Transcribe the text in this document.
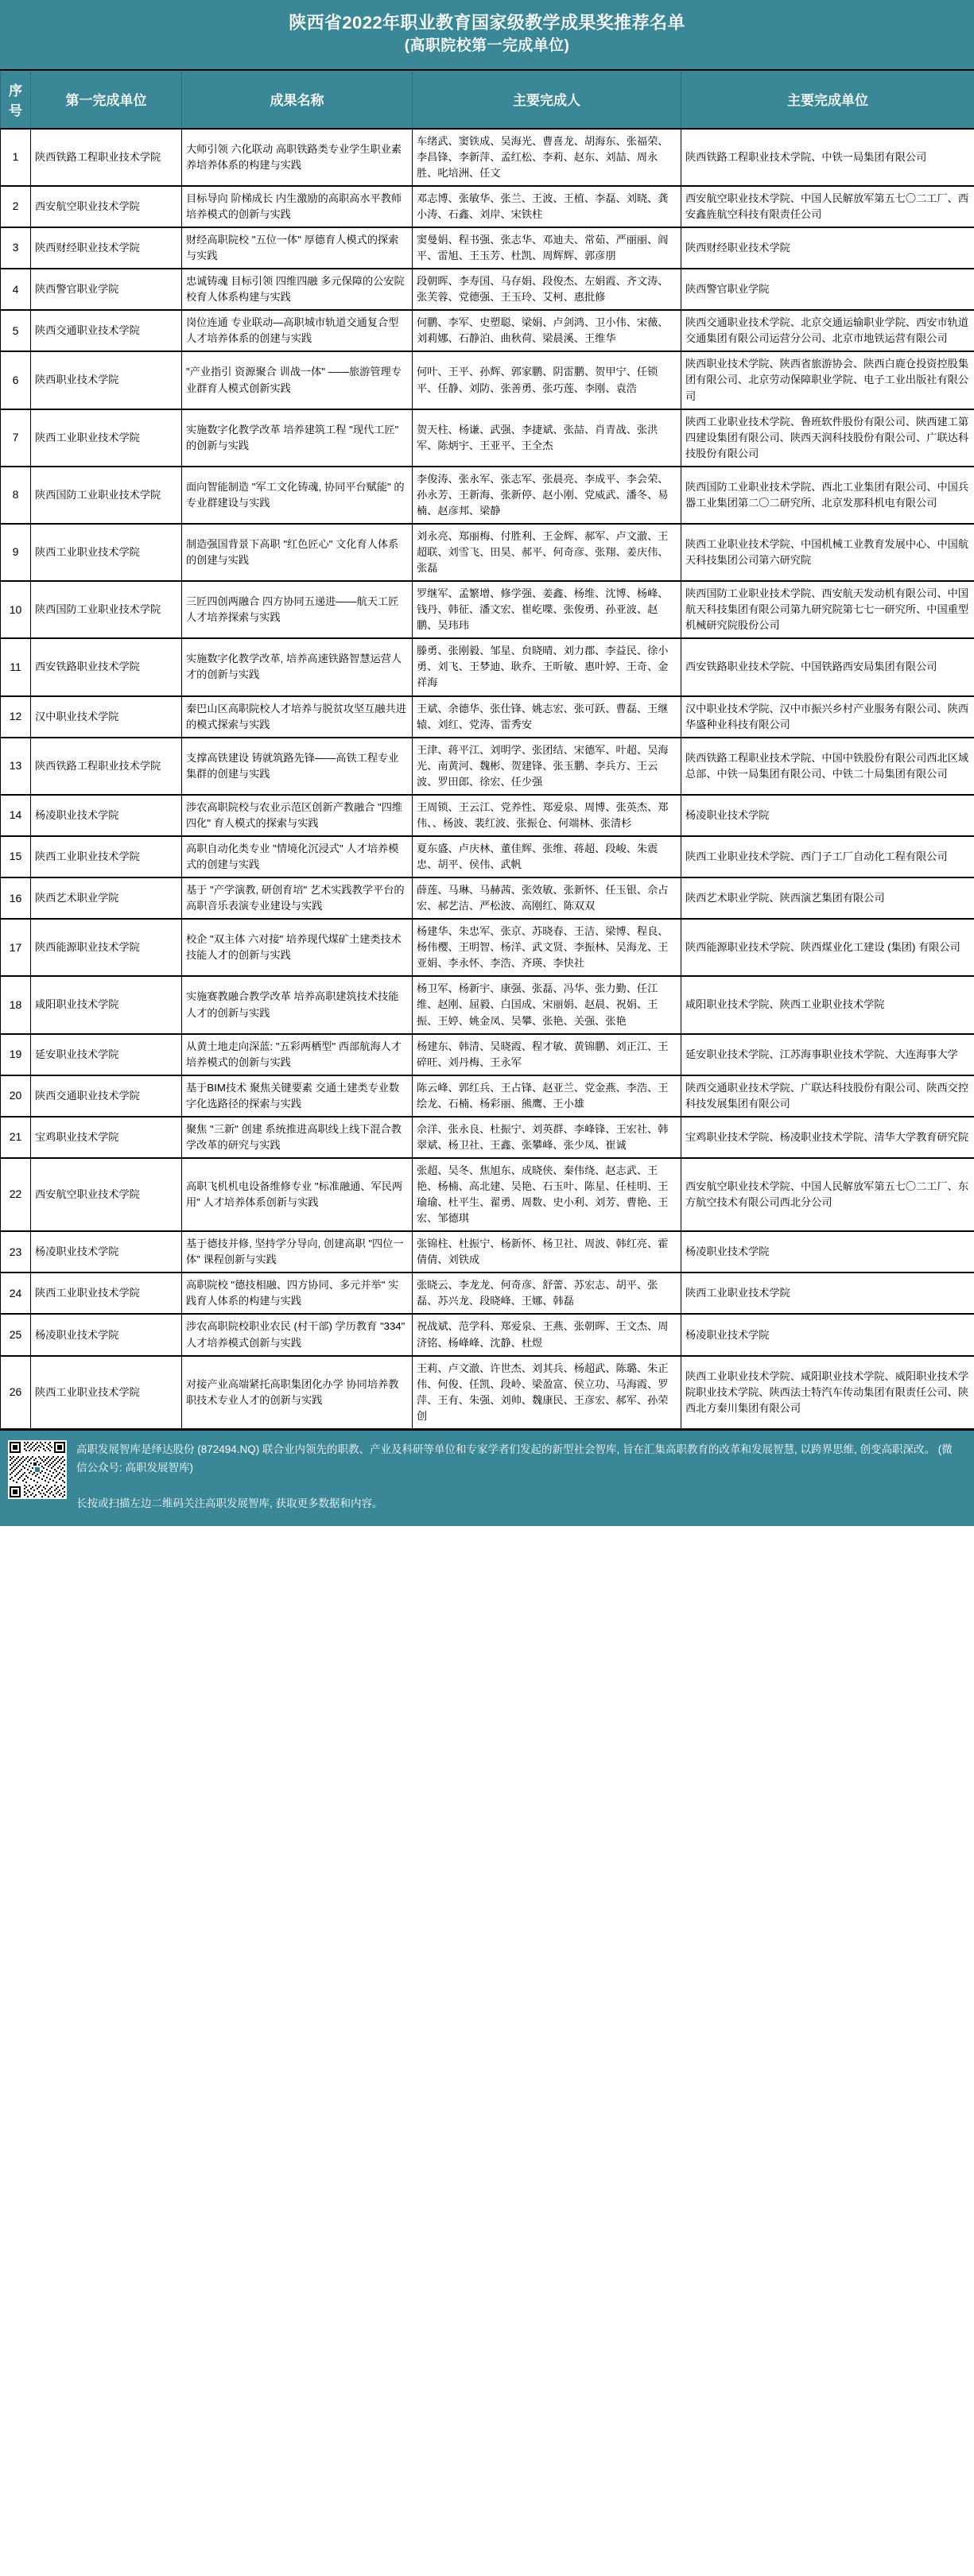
陕西省2022年职业教育国家级教学成果奖推荐名单
(高职院校第一完成单位)
序号	第一完成单位	成果名称	主要完成人	主要完成单位
1	陕西铁路工程职业技术学院	大师引领 六化联动 高职铁路类专业学生职业素养培养体系的构建与实践	车绪武、窦铁成、吴海光、曹喜龙、胡海东、张福荣、李昌锋、李新萍、孟红松、李莉、赵东、刘喆、周永胜、叱培洲、任文	陕西铁路工程职业技术学院、中铁一局集团有限公司
2	西安航空职业技术学院	目标导向 阶梯成长 内生激励的高职高水平教师培养模式的创新与实践	邓志博、张敏华、张兰、王波、王植、李磊、刘晓、龚小涛、石鑫、刘岸、宋铁柱	西安航空职业技术学院、中国人民解放军第五七〇二工厂、西安鑫旌航空科技有限责任公司
3	陕西财经职业技术学院	财经高职院校 "五位一体" 厚德育人模式的探索与实践	窦曼娟、程书强、张志华、邓迪夫、常茹、严丽丽、阎平、雷旭、王玉芳、杜凯、周辉辉、郭彦朋	陕西财经职业技术学院
4	陕西警官职业学院	忠诚铸魂 目标引领 四维四融 多元保障的公安院校育人体系构建与实践	段朝晖、李寿国、马存娟、段俊杰、左娟霞、齐文涛、张芙蓉、党德强、王玉玲、艾柯、惠批修	陕西警官职业学院
5	陕西交通职业技术学院	岗位连通 专业联动—高职城市轨道交通复合型人才培养体系的创建与实践	何鹏、李军、史塑聪、梁娟、卢剑鸿、卫小伟、宋薇、刘莉娜、石静泊、曲秋荷、梁晨溪、王维华	陕西交通职业技术学院、北京交通运输职业学院、西安市轨道交通集团有限公司运营分公司、北京市地铁运营有限公司
6	陕西职业技术学院	"产业指引 资源聚合 训战一体" ——旅游管理专业群育人模式创新实践	何叶、王平、孙辉、郭家鹏、阴雷鹏、贺甲宁、任锁平、任静、刘防、张善勇、张巧莲、李刚、袁浩	陕西职业技术学院、陕西省旅游协会、陕西白鹿仓投资控股集团有限公司、北京劳动保障职业学院、电子工业出版社有限公司
7	陕西工业职业技术学院	实施数字化教学改革 培养建筑工程 "现代工匠" 的创新与实践	贺天柱、杨谦、武强、李捷斌、张喆、肖青战、张洪军、陈炳宇、王亚平、王全杰	陕西工业职业技术学院、鲁班软件股份有限公司、陕西建工第四建设集团有限公司、陕西天润科技股份有限公司、广联达科技股份有限公司
8	陕西国防工业职业技术学院	面向智能制造 "军工文化铸魂, 协同平台赋能" 的专业群建设与实践	李俊涛、张永军、张志军、张晨亮、李成平、李会荣、孙永芳、王新海、张新停、赵小刚、党威武、潘冬、易楠、赵彦邦、梁静	陕西国防工业职业技术学院、西北工业集团有限公司、中国兵器工业集团第二〇二研究所、北京发那科机电有限公司
9	陕西工业职业技术学院	制造强国背景下高职 "红色匠心" 文化育人体系的创建与实践	刘永亮、郑丽梅、付胜利、王金辉、郝军、卢文澈、王超联、刘雪飞、田昊、郝平、何奇彦、张翔、姜庆伟、张磊	陕西工业职业技术学院、中国机械工业教育发展中心、中国航天科技集团公司第六研究院
10	陕西国防工业职业技术学院	三匠四创两融合 四方协同五递进——航天工匠人才培养探索与实践	罗继军、孟繁增、修学强、姜鑫、杨维、沈博、杨峰、钱丹、韩征、潘文宏、崔屹喋、张俊勇、孙亚波、赵鹏、吴玮玮	陕西国防工业职业技术学院、西安航天发动机有限公司、中国航天科技集团有限公司第九研究院第七七一研究所、中国重型机械研究院股份公司
11	西安铁路职业技术学院	实施数字化教学改革, 培养高速铁路智慧运营人才的创新与实践	滕勇、张刚毅、邹星、贠晓晴、刘力郡、李益民、徐小勇、刘飞、王梦迪、耿乔、王昕敏、惠叶婷、王奇、金祥海	西安铁路职业技术学院、中国铁路西安局集团有限公司
12	汉中职业技术学院	秦巴山区高职院校人才培养与脱贫攻坚互融共进的模式探索与实践	王斌、余德华、张仕锋、姚志宏、张可跃、曹磊、王继辕、刘红、党涛、雷秀安	汉中职业技术学院、汉中市振兴乡村产业服务有限公司、陕西华盛种业科技有限公司
13	陕西铁路工程职业技术学院	支撑高铁建设 铸就筑路先锋——高铁工程专业集群的创建与实践	王津、蒋平江、刘明学、张团结、宋德军、叶超、吴海光、南黄河、魏彬、贺建锋、张玉鹏、李兵方、王云波、罗田郎、徐宏、任少强	陕西铁路工程职业技术学院、中国中铁股份有限公司西北区域总部、中铁一局集团有限公司、中铁二十局集团有限公司
14	杨凌职业技术学院	涉农高职院校与农业示范区创新产教融合 "四维四化" 育人模式的探索与实践	王周锁、王云江、党养性、郑爱泉、周博、张英杰、郑伟、、杨波、裴红波、张振仓、何端林、张清杉	杨凌职业技术学院
15	陕西工业职业技术学院	高职自动化类专业 "情境化沉浸式" 人才培养模式的创建与实践	夏东盛、卢庆林、董佳辉、张维、蒋超、段峻、朱震忠、胡平、侯伟、武帆	陕西工业职业技术学院、西门子工厂自动化工程有限公司
16	陕西艺术职业学院	基于 "产学演教, 研创育培" 艺术实践教学平台的高职音乐表演专业建设与实践	薛莲、马琳、马赫茜、张效敏、张新怀、任玉银、佘占宏、郝艺洁、严松波、高刚红、陈双双	陕西艺术职业学院、陕西演艺集团有限公司
17	陕西能源职业技术学院	校企 "双主体 六对接" 培养现代煤矿土建类技术技能人才的创新与实践	杨建华、朱忠军、张京、苏晓春、王洁、梁博、程良、杨伟樱、王明智、杨洋、武文贤、李振林、吴海龙、王亚娟、李永怀、李浩、齐瑛、李快社	陕西能源职业技术学院、陕西煤业化工建设 (集团) 有限公司
18	咸阳职业技术学院	实施赛教融合教学改革 培养高职建筑技术技能人才的创新与实践	杨卫军、杨新宇、康强、张磊、冯华、张力勤、任江维、赵刚、屈毅、白国成、宋丽娟、赵晨、祝娟、王振、王婷、姚金凤、吴攀、张艳、关强、张艳	咸阳职业技术学院、陕西工业职业技术学院
19	延安职业技术学院	从黄土地走向深蓝: "五彩两栖型" 西部航海人才培养模式的创新与实践	杨建东、韩清、吴晓霞、程才敏、黄锦鹏、刘正江、王碎旺、刘丹梅、王永军	延安职业技术学院、江苏海事职业技术学院、大连海事大学
20	陕西交通职业技术学院	基于BIM技术 聚焦关键要素 交通土建类专业数字化选路径的探索与实践	陈云峰、郭红兵、王占锋、赵亚兰、党金燕、李浩、王绘龙、石楠、杨彩丽、熊鹰、王小雄	陕西交通职业技术学院、广联达科技股份有限公司、陕西交控科技发展集团有限公司
21	宝鸡职业技术学院	聚焦 "三新" 创建 系统推进高职线上线下混合教学改革的研究与实践	佘洋、张永良、杜振宁、刘英群、李峰锋、王宏社、韩翠斌、杨卫社、王鑫、张攀峰、张少凤、崔诚	宝鸡职业技术学院、杨凌职业技术学院、清华大学教育研究院
22	西安航空职业技术学院	高职飞机机电设备维修专业 "标准融通、军民两用" 人才培养体系创新与实践	张超、吴冬、焦旭东、成晓侠、秦伟绕、赵志武、王艳、杨楠、高北建、吴艳、石玉叶、陈星、任桂明、王瑜瑜、杜平生、翟勇、周数、史小利、刘芳、曹艳、王宏、邹德琪	西安航空职业技术学院、中国人民解放军第五七〇二工厂、东方航空技术有限公司西北分公司
23	杨凌职业技术学院	基于德技并修, 坚持学分导向, 创建高职 "四位一体" 课程创新与实践	张锦柱、杜振宁、杨新怀、杨卫社、周波、韩红亮、霍倩倩、刘铁成	杨凌职业技术学院
24	陕西工业职业技术学院	高职院校 "德技相融、四方协同、多元并举" 实践育人体系的构建与实践	张晓云、李龙龙、何奇彦、舒蕾、苏宏志、胡平、张磊、苏兴龙、段晓峰、王娜、韩磊	陕西工业职业技术学院
25	杨凌职业技术学院	涉农高职院校职业农民 (村干部) 学历教育 "334" 人才培养模式创新与实践	祝战斌、范学科、郑爱泉、王燕、张朝晖、王文杰、周济铭、杨峰峰、沈静、杜煜	杨凌职业技术学院
26	陕西工业职业技术学院	对接产业高端紧托高职集团化办学 协同培养教职技术专业人才的创新与实践	王莉、卢文澈、许世杰、刘其兵、杨超武、陈璐、朱正伟、何俊、任凯、段岭、梁盈富、侯立功、马海霞、罗萍、王有、朱强、刘帅、魏康民、王彦宏、郝军、孙荣创	陕西工业职业技术学院、咸阳职业技术学院、威阳职业技术学院职业技术学院、陕西法士特汽车传动集团有限责任公司、陕西北方秦川集团有限公司

高职发展智库是绎达股份 (872494.NQ) 联合业内领先的职教、产业及科研等单位和专家学者们发起的新型社会智库, 旨在汇集高职教育的改革和发展智慧, 以跨界思维, 创变高职深改。 (微信公众号: 高职发展智库)

长按或扫描左边二维码关注高职发展智库, 获取更多数据和内容。
